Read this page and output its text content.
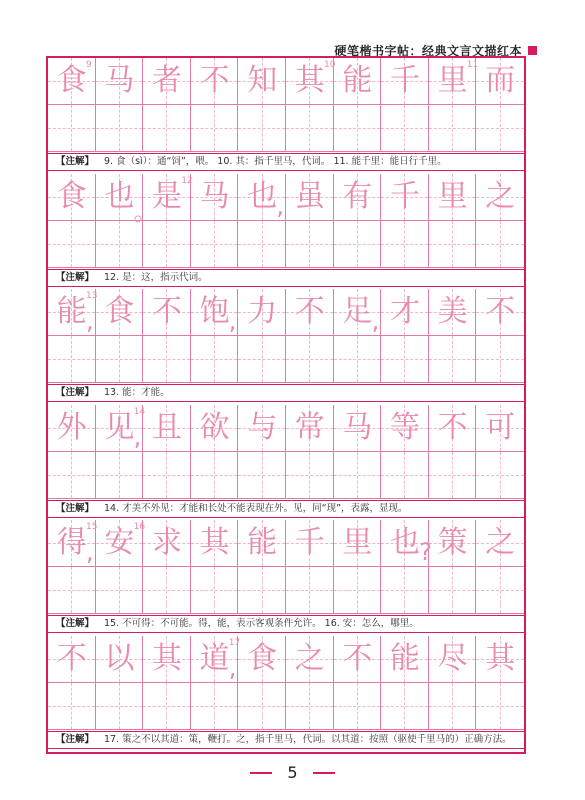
硬笔楷书字帖：经典文言文描红本
食 马 者 不 知 其 能 千 里 而
9	10	11
【注解】 9. 食（sì）：通“饲”，喂。 10. 其：指千里马，代词。 11. 能千里：能日行千里。
食 也 是 马 也 虽 有 千 里 之
12
。	,
【注解】 12. 是：这，指示代词。
能 食 不 饱 力 不 足 才 美 不
13
,	,	,
【注解】 13. 能：才能。
外 见 且 欲 与 常 马 等 不 可
14
,
【注解】 14. 才美不外见：才能和长处不能表现在外。见，同“现”，表露，显现。
得 安 求 其 能 千 里 也 策 之
15	16
,	?
【注解】 15. 不可得：不可能。得，能，表示客观条件允许。 16. 安：怎么，哪里。
不 以 其 道 食 之 不 能 尽 其
17
,
【注解】 17. 策之不以其道：策，鞭打。之，指千里马，代词。以其道：按照（驱使千里马的）正确方法。
5
